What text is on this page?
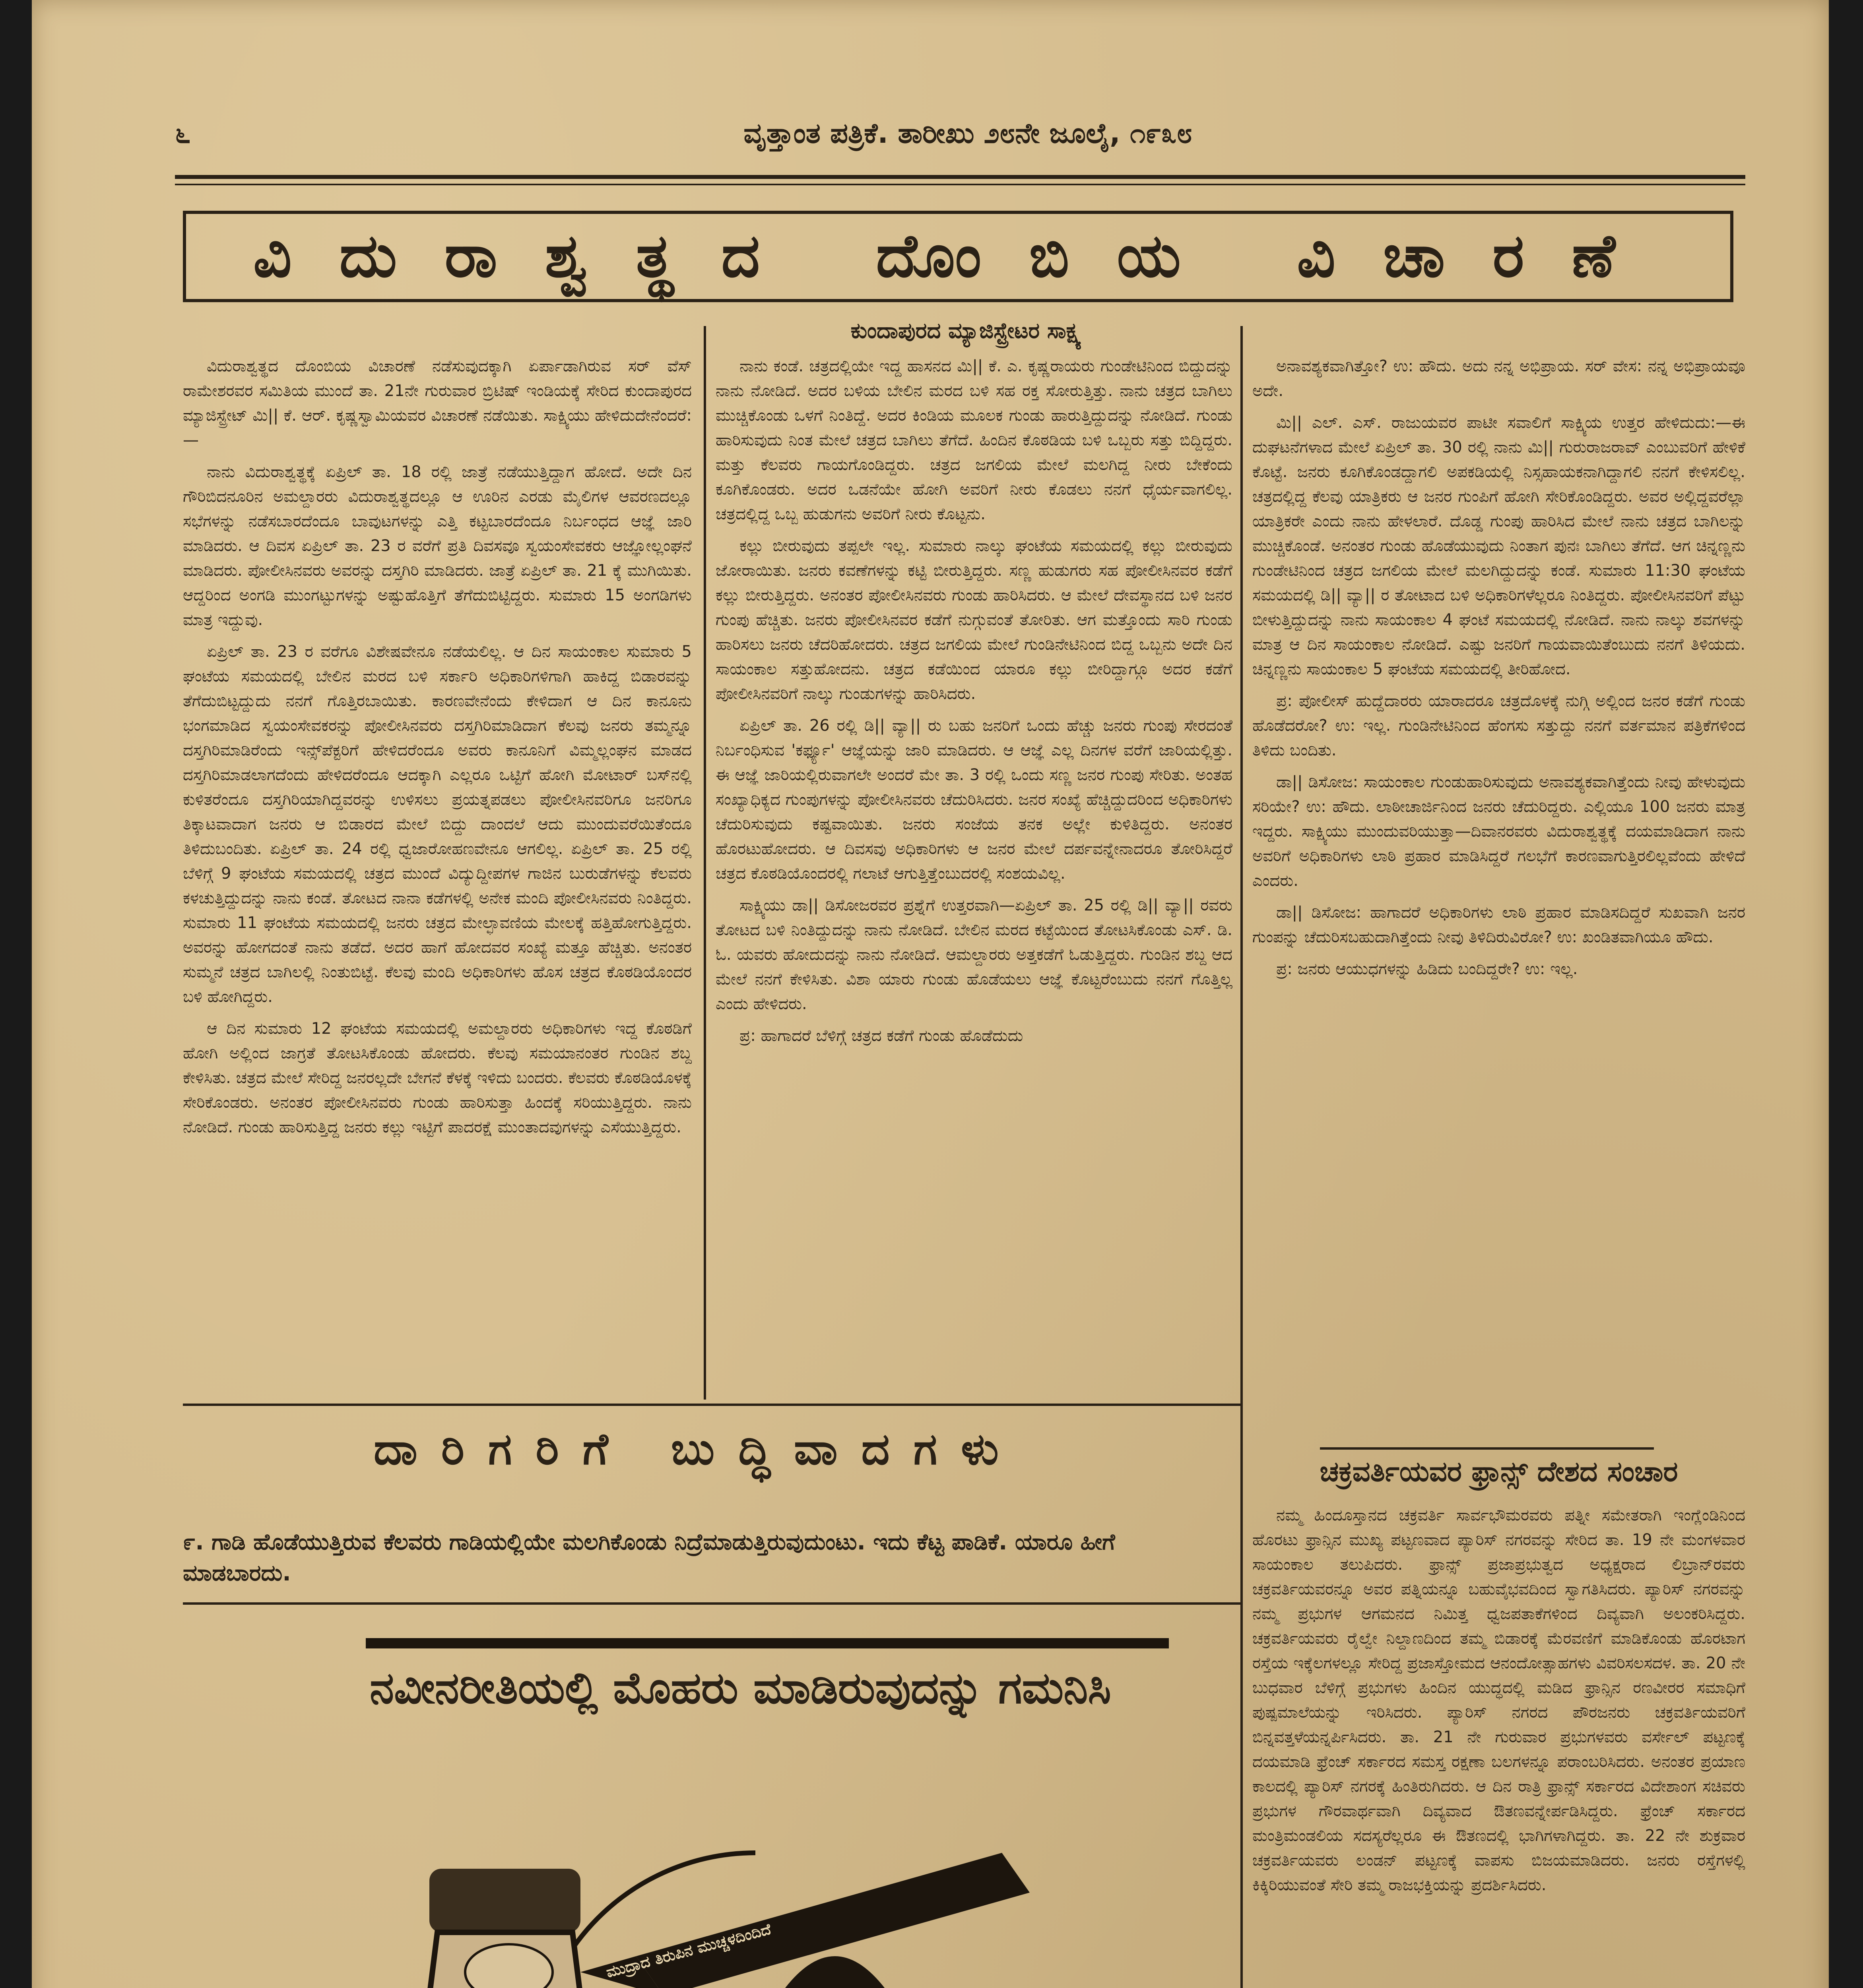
೬	ವೃತ್ತಾಂತ ಪತ್ರಿಕೆ. ತಾರೀಖು ೨೮ನೇ ಜೂಲೈ, ೧೯೩೮
ವಿದುರಾಶ್ವತ್ಥದ ದೊಂಬಿಯ ವಿಚಾರಣೆ
ಕುಂದಾಪುರದ ಮ್ಯಾಜಿಸ್ಟ್ರೇಟರ ಸಾಕ್ಷ್ಯ

ವಿದುರಾಶ್ವತ್ಥದ ದೊಂಬಿಯ ವಿಚಾರಣೆ ನಡೆಸುವುದಕ್ಕಾಗಿ ಏರ್ಪಾಡಾಗಿರುವ ಸರ್ ವೆಸ್ ರಾಮೇಶರವರ ಸಮಿತಿಯ ಮುಂದೆ ತಾ. 21ನೇ ಗುರುವಾರ ಬ್ರಿಟಿಷ್ ಇಂಡಿಯಕ್ಕೆ ಸೇರಿದ ಕುಂದಾಪುರದ ಮ್ಯಾಜಿಸ್ಟ್ರೇಟ್ ಮಿ|| ಕೆ. ಆರ್. ಕೃಷ್ಣಸ್ವಾಮಿಯವರ ವಿಚಾರಣೆ ನಡೆಯಿತು. ಸಾಕ್ಷ್ಯಿಯು ಹೇಳಿದುದೇನೆಂದರೆ:—

ನಾನು ವಿದುರಾಶ್ವತ್ಥಕ್ಕೆ ಏಪ್ರಿಲ್ ತಾ. 18 ರಲ್ಲಿ ಜಾತ್ರೆ ನಡೆಯುತ್ತಿದ್ದಾಗ ಹೋದೆ. ಅದೇ ದಿನ ಗೌರಿಬಿದನೂರಿನ ಅಮಲ್ದಾರರು ವಿದುರಾಶ್ವತ್ಥದಲ್ಲೂ ಆ ಊರಿನ ಎರಡು ಮೈಲಿಗಳ ಆವರಣದಲ್ಲೂ ಸಭೆಗಳನ್ನು ನಡೆಸಬಾರದೆಂದೂ ಬಾವುಟಗಳನ್ನು ಎತ್ತಿ ಕಟ್ಟಬಾರದೆಂದೂ ನಿರ್ಬಂಧದ ಆಜ್ಞೆ ಜಾರಿ ಮಾಡಿದರು. ಆ ದಿವಸ ಏಪ್ರಿಲ್ ತಾ. 23 ರ ವರೆಗೆ ಪ್ರತಿ ದಿವಸವೂ ಸ್ವಯಂಸೇವಕರು ಆಜ್ಞೋಲ್ಲಂಘನೆ ಮಾಡಿದರು. ಪೋಲೀಸಿನವರು ಅವರನ್ನು ದಸ್ತಗಿರಿ ಮಾಡಿದರು. ಜಾತ್ರೆ ಏಪ್ರಿಲ್ ತಾ. 21 ಕ್ಕೆ ಮುಗಿಯಿತು. ಆದ್ದರಿಂದ ಅಂಗಡಿ ಮುಂಗಟ್ಟುಗಳನ್ನು ಅಷ್ಟುಹೊತ್ತಿಗೆ ತೆಗೆದುಬಿಟ್ಟಿದ್ದರು. ಸುಮಾರು 15 ಅಂಗಡಿಗಳು ಮಾತ್ರ ಇದ್ದುವು.

ಏಪ್ರಿಲ್ ತಾ. 23 ರ ವರೆಗೂ ವಿಶೇಷವೇನೂ ನಡೆಯಲಿಲ್ಲ. ಆ ದಿನ ಸಾಯಂಕಾಲ ಸುಮಾರು 5 ಘಂಟೆಯ ಸಮಯದಲ್ಲಿ ಬೇಲಿನ ಮರದ ಬಳಿ ಸರ್ಕಾರಿ ಅಧಿಕಾರಿಗಳಿಗಾಗಿ ಹಾಕಿದ್ದ ಬಿಡಾರವನ್ನು ತೆಗೆದುಬಿಟ್ಟದ್ದುದು ನನಗೆ ಗೊತ್ತಿರಬಾಯಿತು. ಕಾರಣವೇನೆಂದು ಕೇಳಿದಾಗ ಆ ದಿನ ಕಾನೂನು ಭಂಗಮಾಡಿದ ಸ್ವಯಂಸೇವಕರನ್ನು ಪೋಲೀಸಿನವರು ದಸ್ತಗಿರಿಮಾಡಿದಾಗ ಕೆಲವು ಜನರು ತಮ್ಮನ್ನೂ ದಸ್ತಗಿರಿಮಾಡಿರೆಂದು ಇನ್ಸ್‌ಪೆಕ್ಟರಿಗೆ ಹೇಳಿದರೆಂದೂ ಅವರು ಕಾನೂನಿಗೆ ವಿಮ್ಮಲ್ಲಂಘನ ಮಾಡದ ದಸ್ತಗಿರಿಮಾಡಲಾಗದೆಂದು ಹೇಳಿದರೆಂದೂ ಆದಕ್ಕಾಗಿ ಎಲ್ಲರೂ ಒಟ್ಟಿಗೆ ಹೋಗಿ ಮೋಟಾರ್ ಬಸ್‌ನಲ್ಲಿ ಕುಳಿತರೆಂದೂ ದಸ್ತಗಿರಿಯಾಗಿದ್ದವರನ್ನು ಉಳಿಸಲು ಪ್ರಯತ್ನಪಡಲು ಪೋಲೀಸಿನವರಿಗೂ ಜನರಿಗೂ ತಿಕ್ಕಾಟವಾದಾಗ ಜನರು ಆ ಬಿಡಾರದ ಮೇಲೆ ಬಿದ್ದು ದಾಂದಲೆ ಆದು ಮುಂದುವರೆಯಿತೆಂದೂ ತಿಳಿದುಬಂದಿತು. ಏಪ್ರಿಲ್ ತಾ. 24 ರಲ್ಲಿ ಧ್ವಜಾರೋಹಣವೇನೂ ಆಗಲಿಲ್ಲ. ಏಪ್ರಿಲ್ ತಾ. 25 ರಲ್ಲಿ ಬೆಳಿಗ್ಗೆ 9 ಘಂಟೆಯ ಸಮಯದಲ್ಲಿ ಚತ್ರದ ಮುಂದೆ ವಿದ್ಯುದ್ದೀಪಗಳ ಗಾಜಿನ ಬುರುಡೆಗಳನ್ನು ಕೆಲವರು ಕಳಚುತ್ತಿದ್ದುದನ್ನು ನಾನು ಕಂಡೆ. ತೋಟದ ನಾನಾ ಕಡೆಗಳಲ್ಲಿ ಅನೇಕ ಮಂದಿ ಪೋಲೀಸಿನವರು ನಿಂತಿದ್ದರು. ಸುಮಾರು 11 ಘಂಟೆಯ ಸಮಯದಲ್ಲಿ ಜನರು ಚತ್ರದ ಮೇಲ್ಛಾವಣಿಯ ಮೇಲಕ್ಕೆ ಹತ್ತಿಹೋಗುತ್ತಿದ್ದರು. ಅವರನ್ನು ಹೋಗದಂತೆ ನಾನು ತಡೆದೆ. ಅದರ ಹಾಗೆ ಹೋದವರ ಸಂಖ್ಯೆ ಮತ್ತೂ ಹೆಚ್ಚಿತು. ಅನಂತರ ಸುಮ್ಮನೆ ಚತ್ರದ ಬಾಗಿಲಲ್ಲಿ ನಿಂತುಬಿಟ್ಟೆ. ಕೆಲವು ಮಂದಿ ಅಧಿಕಾರಿಗಳು ಹೊಸ ಚತ್ರದ ಕೊಠಡಿಯೊಂದರ ಬಳಿ ಹೋಗಿದ್ದರು.

ಆ ದಿನ ಸುಮಾರು 12 ಘಂಟೆಯ ಸಮಯದಲ್ಲಿ ಅಮಲ್ದಾರರು ಅಧಿಕಾರಿಗಳು ಇದ್ದ ಕೊಠಡಿಗೆ ಹೋಗಿ ಅಲ್ಲಿಂದ ಜಾಗ್ರತೆ ತೋಟಸಿಕೊಂಡು ಹೋದರು. ಕೆಲವು ಸಮಯಾನಂತರ ಗುಂಡಿನ ಶಬ್ದ ಕೇಳಿಸಿತು. ಚತ್ರದ ಮೇಲೆ ಸೇರಿದ್ದ ಜನರಲ್ಲದೇ ಬೇಗನೆ ಕೆಳಕ್ಕೆ ಇಳಿದು ಬಂದರು. ಕೆಲವರು ಕೊಠಡಿಯೊಳಕ್ಕೆ ಸೇರಿಕೊಂಡರು. ಅನಂತರ ಪೋಲೀಸಿನವರು ಗುಂಡು ಹಾರಿಸುತ್ತಾ ಹಿಂದಕ್ಕೆ ಸರಿಯುತ್ತಿದ್ದರು. ನಾನು ನೋಡಿದೆ. ಗುಂಡು ಹಾರಿಸುತ್ತಿದ್ದ ಜನರು ಕಲ್ಲು ಇಟ್ಟಿಗೆ ಪಾದರಕ್ಷೆ ಮುಂತಾದವುಗಳನ್ನು ಎಸೆಯುತ್ತಿದ್ದರು.

ನಾನು ಕಂಡೆ. ಚತ್ರದಲ್ಲಿಯೇ ಇದ್ದ ಹಾಸನದ ಮಿ|| ಕೆ. ಎ. ಕೃಷ್ಣರಾಯರು ಗುಂಡೇಟಿನಿಂದ ಬಿದ್ದುದನ್ನು ನಾನು ನೋಡಿದೆ. ಅದರ ಬಳಿಯ ಬೇಲಿನ ಮರದ ಬಳಿ ಸಹ ರಕ್ತ ಸೋರುತ್ತಿತ್ತು. ನಾನು ಚತ್ರದ ಬಾಗಿಲು ಮುಚ್ಚಿಕೊಂಡು ಒಳಗೆ ನಿಂತಿದ್ದೆ. ಅದರ ಕಿಂಡಿಯ ಮೂಲಕ ಗುಂಡು ಹಾರುತ್ತಿದ್ದುದನ್ನು ನೋಡಿದೆ. ಗುಂಡು ಹಾರಿಸುವುದು ನಿಂತ ಮೇಲೆ ಚತ್ರದ ಬಾಗಿಲು ತೆಗೆದೆ. ಹಿಂದಿನ ಕೊಠಡಿಯ ಬಳಿ ಒಬ್ಬರು ಸತ್ತು ಬಿದ್ದಿದ್ದರು. ಮತ್ತು ಕೆಲವರು ಗಾಯಗೊಂಡಿದ್ದರು. ಚತ್ರದ ಜಗಲಿಯ ಮೇಲೆ ಮಲಗಿದ್ದ ನೀರು ಬೇಕೆಂದು ಕೂಗಿಕೊಂಡರು. ಅದರ ಒಡನೆಯೇ ಹೋಗಿ ಅವರಿಗೆ ನೀರು ಕೊಡಲು ನನಗೆ ಧೈರ್ಯವಾಗಲಿಲ್ಲ. ಚತ್ರದಲ್ಲಿದ್ದ ಒಬ್ಬ ಹುಡುಗನು ಅವರಿಗೆ ನೀರು ಕೊಟ್ಟನು.

ಕಲ್ಲು ಬೀರುವುದು ತಪ್ಪಲೇ ಇಲ್ಲ. ಸುಮಾರು ನಾಲ್ಕು ಘಂಟೆಯ ಸಮಯದಲ್ಲಿ ಕಲ್ಲು ಬೀರುವುದು ಜೋರಾಯಿತು. ಜನರು ಕವಣೆಗಳನ್ನು ಕಟ್ಟಿ ಬೀರುತ್ತಿದ್ದರು. ಸಣ್ಣ ಹುಡುಗರು ಸಹ ಪೋಲೀಸಿನವರ ಕಡೆಗೆ ಕಲ್ಲು ಬೀರುತ್ತಿದ್ದರು. ಅನಂತರ ಪೋಲೀಸಿನವರು ಗುಂಡು ಹಾರಿಸಿದರು. ಆ ಮೇಲೆ ದೇವಸ್ಥಾನದ ಬಳಿ ಜನರ ಗುಂಪು ಹೆಚ್ಚಿತು. ಜನರು ಪೋಲೀಸಿನವರ ಕಡೆಗೆ ನುಗ್ಗುವಂತೆ ತೋರಿತು. ಆಗ ಮತ್ತೊಂದು ಸಾರಿ ಗುಂಡು ಹಾರಿಸಲು ಜನರು ಚೆದರಿಹೋದರು. ಚತ್ರದ ಜಗಲಿಯ ಮೇಲೆ ಗುಂಡಿನೇಟಿನಿಂದ ಬಿದ್ದ ಒಬ್ಬನು ಅದೇ ದಿನ ಸಾಯಂಕಾಲ ಸತ್ತುಹೋದನು. ಚತ್ರದ ಕಡೆಯಿಂದ ಯಾರೂ ಕಲ್ಲು ಬೀರಿದ್ದಾಗ್ಗೂ ಅದರ ಕಡೆಗೆ ಪೋಲೀಸಿನವರಿಗೆ ನಾಲ್ಕು ಗುಂಡುಗಳನ್ನು ಹಾರಿಸಿದರು.

ಏಪ್ರಿಲ್ ತಾ. 26 ರಲ್ಲಿ ಡಿ|| ವ್ಯಾ|| ರು ಬಹು ಜನರಿಗೆ ಒಂದು ಹೆಚ್ಚು ಜನರು ಗುಂಪು ಸೇರದಂತೆ ನಿರ್ಬಂಧಿಸುವ 'ಕರ್ಫ್ಯೂ' ಆಜ್ಞೆಯನ್ನು ಜಾರಿ ಮಾಡಿದರು. ಆ ಆಜ್ಞೆ ಎಲ್ಲ ದಿನಗಳ ವರೆಗೆ ಜಾರಿಯಲ್ಲಿತ್ತು. ಈ ಆಜ್ಞೆ ಜಾರಿಯಲ್ಲಿರುವಾಗಲೇ ಅಂದರೆ ಮೇ ತಾ. 3 ರಲ್ಲಿ ಒಂದು ಸಣ್ಣ ಜನರ ಗುಂಪು ಸೇರಿತು. ಅಂತಹ ಸಂಖ್ಯಾಧಿಕ್ಯದ ಗುಂಪುಗಳನ್ನು ಪೋಲೀಸಿನವರು ಚೆದುರಿಸಿದರು. ಜನರ ಸಂಖ್ಯೆ ಹೆಚ್ಚಿದ್ದುದರಿಂದ ಅಧಿಕಾರಿಗಳು ಚೆದುರಿಸುವುದು ಕಷ್ಟವಾಯಿತು. ಜನರು ಸಂಜೆಯ ತನಕ ಅಲ್ಲೇ ಕುಳಿತಿದ್ದರು. ಅನಂತರ ಹೊರಟುಹೋದರು. ಆ ದಿವಸವು ಅಧಿಕಾರಿಗಳು ಆ ಜನರ ಮೇಲೆ ದರ್ಪವನ್ನೇನಾದರೂ ತೋರಿಸಿದ್ದರೆ ಚತ್ರದ ಕೊಠಡಿಯೊಂದರಲ್ಲಿ ಗಲಾಟೆ ಆಗುತ್ತಿತ್ತೆಂಬುದರಲ್ಲಿ ಸಂಶಯವಿಲ್ಲ.

ಸಾಕ್ಷ್ಯಿಯು ಡಾ|| ಡಿಸೋಜರವರ ಪ್ರಶ್ನೆಗೆ ಉತ್ತರವಾಗಿ—ಏಪ್ರಿಲ್ ತಾ. 25 ರಲ್ಲಿ ಡಿ|| ವ್ಯಾ|| ರವರು ತೋಟದ ಬಳಿ ನಿಂತಿದ್ದುದನ್ನು ನಾನು ನೋಡಿದೆ. ಬೇಲಿನ ಮರದ ಕಟ್ಟೆಯಿಂದ ತೋಟಸಿಕೊಂಡು ಎಸ್. ಡಿ. ಓ. ಯವರು ಹೋದುದನ್ನು ನಾನು ನೋಡಿದೆ. ಆಮಲ್ದಾರರು ಅತ್ತಕಡೆಗೆ ಓಡುತ್ತಿದ್ದರು. ಗುಂಡಿನ ಶಬ್ದ ಆದ ಮೇಲೆ ನನಗೆ ಕೇಳಿಸಿತು. ವಿಶಾ ಯಾರು ಗುಂಡು ಹೊಡೆಯಲು ಆಜ್ಞೆ ಕೊಟ್ಟರೆಂಬುದು ನನಗೆ ಗೊತ್ತಿಲ್ಲ ಎಂದು ಹೇಳಿದರು.

ಪ್ರ: ಹಾಗಾದರೆ ಬೆಳಿಗ್ಗೆ ಚತ್ರದ ಕಡೆಗೆ ಗುಂಡು ಹೊಡೆದುದು

ಅನಾವಶ್ಯಕವಾಗಿತ್ತೋ? ಉ: ಹೌದು. ಅದು ನನ್ನ ಅಭಿಪ್ರಾಯ. ಸರ್ ವೇಸ: ನನ್ನ ಅಭಿಪ್ರಾಯವೂ ಅದೇ.

ಮಿ|| ಎಲ್. ಎಸ್. ರಾಜುಯವರ ಪಾಟೀ ಸವಾಲಿಗೆ ಸಾಕ್ಷ್ಯಿಯ ಉತ್ತರ ಹೇಳಿದುದು:—ಈ ದುಘಟನೆಗಳಾದ ಮೇಲೆ ಏಪ್ರಿಲ್ ತಾ. 30 ರಲ್ಲಿ ನಾನು ಮಿ|| ಗುರುರಾಜರಾವ್ ಎಂಬುವರಿಗೆ ಹೇಳಿಕೆ ಕೊಟ್ಟೆ. ಜನರು ಕೂಗಿಕೊಂಡದ್ದಾಗಲಿ ಅಪಕಡಿಯಲ್ಲಿ ನಿಸ್ಸಹಾಯಕನಾಗಿದ್ದಾಗಲಿ ನನಗೆ ಕೇಳಿಸಲಿಲ್ಲ. ಚತ್ರದಲ್ಲಿದ್ದ ಕೆಲವು ಯಾತ್ರಿಕರು ಆ ಜನರ ಗುಂಪಿಗೆ ಹೋಗಿ ಸೇರಿಕೊಂಡಿದ್ದರು. ಅವರ ಅಲ್ಲಿದ್ದವರೆಲ್ಲಾ ಯಾತ್ರಿಕರೇ ಎಂದು ನಾನು ಹೇಳಲಾರೆ. ದೊಡ್ಡ ಗುಂಪು ಹಾರಿಸಿದ ಮೇಲೆ ನಾನು ಚತ್ರದ ಬಾಗಿಲನ್ನು ಮುಚ್ಚಿಕೊಂಡೆ. ಅನಂತರ ಗುಂಡು ಹೊಡೆಯುವುದು ನಿಂತಾಗ ಪುನಃ ಬಾಗಿಲು ತೆಗೆದೆ. ಆಗ ಚಿನ್ನಣ್ಣನು ಗುಂಡೇಟಿನಿಂದ ಚತ್ರದ ಜಗಲಿಯ ಮೇಲೆ ಮಲಗಿದ್ದುದನ್ನು ಕಂಡೆ. ಸುಮಾರು 11:30 ಘಂಟೆಯ ಸಮಯದಲ್ಲಿ ಡಿ|| ವ್ಯಾ|| ರ ತೋಟಾದ ಬಳಿ ಅಧಿಕಾರಿಗಳೆಲ್ಲರೂ ನಿಂತಿದ್ದರು. ಪೋಲೀಸಿನವರಿಗೆ ಪೆಟ್ಟು ಬೀಳುತ್ತಿದ್ದುದನ್ನು ನಾನು ಸಾಯಂಕಾಲ 4 ಘಂಟೆ ಸಮಯದಲ್ಲಿ ನೋಡಿದೆ. ನಾನು ನಾಲ್ಕು ಶವಗಳನ್ನು ಮಾತ್ರ ಆ ದಿನ ಸಾಯಂಕಾಲ ನೋಡಿದೆ. ಎಷ್ಟು ಜನರಿಗೆ ಗಾಯವಾಯಿತೆಂಬುದು ನನಗೆ ತಿಳಿಯದು. ಚಿನ್ನಣ್ಣನು ಸಾಯಂಕಾಲ 5 ಘಂಟೆಯ ಸಮಯದಲ್ಲಿ ತೀರಿಹೋದ.

ಪ್ರ: ಪೋಲೀಸ್ ಹುದ್ದೆದಾರರು ಯಾರಾದರೂ ಚತ್ರದೊಳಕ್ಕೆ ನುಗ್ಗಿ ಅಲ್ಲಿಂದ ಜನರ ಕಡೆಗೆ ಗುಂಡು ಹೊಡೆದರೋ? ಉ: ಇಲ್ಲ. ಗುಂಡಿನೇಟಿನಿಂದ ಹೆಂಗಸು ಸತ್ತುದ್ದು ನನಗೆ ವರ್ತಮಾನ ಪತ್ರಿಕೆಗಳಿಂದ ತಿಳಿದು ಬಂದಿತು.

ಡಾ|| ಡಿಸೋಜ: ಸಾಯಂಕಾಲ ಗುಂಡುಹಾರಿಸುವುದು ಅನಾವಶ್ಯಕವಾಗಿತ್ತೆಂದು ನೀವು ಹೇಳುವುದು ಸರಿಯೇ? ಉ: ಹೌದು. ಲಾಠೀಚಾರ್ಜಿನಿಂದ ಜನರು ಚೆದುರಿದ್ದರು. ಎಲ್ಲಿಯೂ 100 ಜನರು ಮಾತ್ರ ಇದ್ದರು. ಸಾಕ್ಷ್ಯಿಯು ಮುಂದುವರಿಯುತ್ತಾ—ದಿವಾನರವರು ವಿದುರಾಶ್ವತ್ಥಕ್ಕೆ ದಯಮಾಡಿದಾಗ ನಾನು ಅವರಿಗೆ ಅಧಿಕಾರಿಗಳು ಲಾಠಿ ಪ್ರಹಾರ ಮಾಡಿಸಿದ್ದರೆ ಗಲಭೆಗೆ ಕಾರಣವಾಗುತ್ತಿರಲಿಲ್ಲವೆಂದು ಹೇಳಿದೆ ಎಂದರು.

ಡಾ|| ಡಿಸೋಜ: ಹಾಗಾದರೆ ಅಧಿಕಾರಿಗಳು ಲಾಠಿ ಪ್ರಹಾರ ಮಾಡಿಸದಿದ್ದರೆ ಸುಖವಾಗಿ ಜನರ ಗುಂಪನ್ನು ಚೆದುರಿಸಬಹುದಾಗಿತ್ತೆಂದು ನೀವು ತಿಳಿದಿರುವಿರೋ? ಉ: ಖಂಡಿತವಾಗಿಯೂ ಹೌದು.

ಪ್ರ: ಜನರು ಆಯುಧಗಳನ್ನು ಹಿಡಿದು ಬಂದಿದ್ದರೇ? ಉ: ಇಲ್ಲ.

ದಾರಿಗರಿಗೆ ಬುದ್ಧಿವಾದಗಳು
೯. ಗಾಡಿ ಹೊಡೆಯುತ್ತಿರುವ ಕೆಲವರು ಗಾಡಿಯಲ್ಲಿಯೇ ಮಲಗಿಕೊಂಡು ನಿದ್ರೆಮಾಡುತ್ತಿರುವುದುಂಟು. ಇದು ಕೆಟ್ಟ ಪಾಡಿಕೆ. ಯಾರೂ ಹೀಗೆ ಮಾಡಬಾರದು.
ನವೀನರೀತಿಯಲ್ಲಿ ಮೊಹರು ಮಾಡಿರುವುದನ್ನು ಗಮನಿಸಿ
ಮುದ್ರಾದ ತಿರುಪಿನ ಮುಚ್ಚಳದಿಂದಿದೆ
ಚಕ್ರವರ್ತಿಯವರ ಫ್ರಾನ್ಸ್ ದೇಶದ ಸಂಚಾರ

ನಮ್ಮ ಹಿಂದೂಸ್ತಾನದ ಚಕ್ರವರ್ತಿ ಸಾರ್ವಭೌಮರವರು ಪತ್ನೀ ಸಮೇತರಾಗಿ ಇಂಗ್ಲೆಂಡಿನಿಂದ ಹೊರಟು ಫ್ರಾನ್ಸಿನ ಮುಖ್ಯ ಪಟ್ಟಣವಾದ ಪ್ಯಾರಿಸ್ ನಗರವನ್ನು ಸೇರಿದ ತಾ. 19 ನೇ ಮಂಗಳವಾರ ಸಾಯಂಕಾಲ ತಲುಪಿದರು. ಫ್ರಾನ್ಸ್ ಪ್ರಜಾಪ್ರಭುತ್ವದ ಅಧ್ಯಕ್ಷರಾದ ಲಿಬ್ರಾನ್‌ರವರು ಚಕ್ರವರ್ತಿಯವರನ್ನೂ ಅವರ ಪತ್ನಿಯನ್ನೂ ಬಹುವೈಭವದಿಂದ ಸ್ವಾಗತಿಸಿದರು. ಪ್ಯಾರಿಸ್ ನಗರವನ್ನು ನಮ್ಮ ಪ್ರಭುಗಳ ಆಗಮನದ ನಿಮಿತ್ತ ಧ್ವಜಪತಾಕೆಗಳಿಂದ ದಿವ್ಯವಾಗಿ ಅಲಂಕರಿಸಿದ್ದರು. ಚಕ್ರವರ್ತಿಯವರು ರೈಲ್ವೇ ನಿಲ್ದಾಣದಿಂದ ತಮ್ಮ ಬಿಡಾರಕ್ಕೆ ಮೆರವಣಿಗೆ ಮಾಡಿಕೊಂಡು ಹೊರಟಾಗ ರಸ್ತೆಯ ಇಕ್ಕೆಲಗಳಲ್ಲೂ ಸೇರಿದ್ದ ಪ್ರಜಾಸ್ತೋಮದ ಆನಂದೋತ್ಸಾಹಗಳು ವಿವರಿಸಲಸದಳ. ತಾ. 20 ನೇ ಬುಧವಾರ ಬೆಳಿಗ್ಗೆ ಪ್ರಭುಗಳು ಹಿಂದಿನ ಯುದ್ಧದಲ್ಲಿ ಮಡಿದ ಫ್ರಾನ್ಸಿನ ರಣವೀರರ ಸಮಾಧಿಗೆ ಪುಷ್ಪಮಾಲೆಯನ್ನು ಇರಿಸಿದರು. ಪ್ಯಾರಿಸ್ ನಗರದ ಪೌರಜನರು ಚಕ್ರವರ್ತಿಯವರಿಗೆ ಬಿನ್ನವತ್ತಳೆಯನ್ನರ್ಪಿಸಿದರು. ತಾ. 21 ನೇ ಗುರುವಾರ ಪ್ರಭುಗಳವರು ವರ್ಸೇಲ್ ಪಟ್ಟಣಕ್ಕೆ ದಯಮಾಡಿ ಫ್ರೆಂಚ್ ಸರ್ಕಾರದ ಸಮಸ್ತ ರಕ್ಷಣಾ ಬಲಗಳನ್ನೂ ಪರಾಂಬರಿಸಿದರು. ಅನಂತರ ಪ್ರಯಾಣ ಕಾಲದಲ್ಲಿ ಪ್ಯಾರಿಸ್ ನಗರಕ್ಕೆ ಹಿಂತಿರುಗಿದರು. ಆ ದಿನ ರಾತ್ರಿ ಫ್ರಾನ್ಸ್ ಸರ್ಕಾರದ ವಿದೇಶಾಂಗ ಸಚಿವರು ಪ್ರಭುಗಳ ಗೌರವಾರ್ಥವಾಗಿ ದಿವ್ಯವಾದ ಔತಣವನ್ನೇರ್ಪಡಿಸಿದ್ದರು. ಫ್ರೆಂಚ್ ಸರ್ಕಾರದ ಮಂತ್ರಿಮಂಡಲಿಯ ಸದಸ್ಯರೆಲ್ಲರೂ ಈ ಔತಣದಲ್ಲಿ ಭಾಗಿಗಳಾಗಿದ್ದರು. ತಾ. 22 ನೇ ಶುಕ್ರವಾರ ಚಕ್ರವರ್ತಿಯವರು ಲಂಡನ್ ಪಟ್ಟಣಕ್ಕೆ ವಾಪಸು ಬಿಜಯಮಾಡಿದರು. ಜನರು ರಸ್ತೆಗಳಲ್ಲಿ ಕಿಕ್ಕಿರಿಯುವಂತೆ ಸೇರಿ ತಮ್ಮ ರಾಜಭಕ್ತಿಯನ್ನು ಪ್ರದರ್ಶಿಸಿದರು.
